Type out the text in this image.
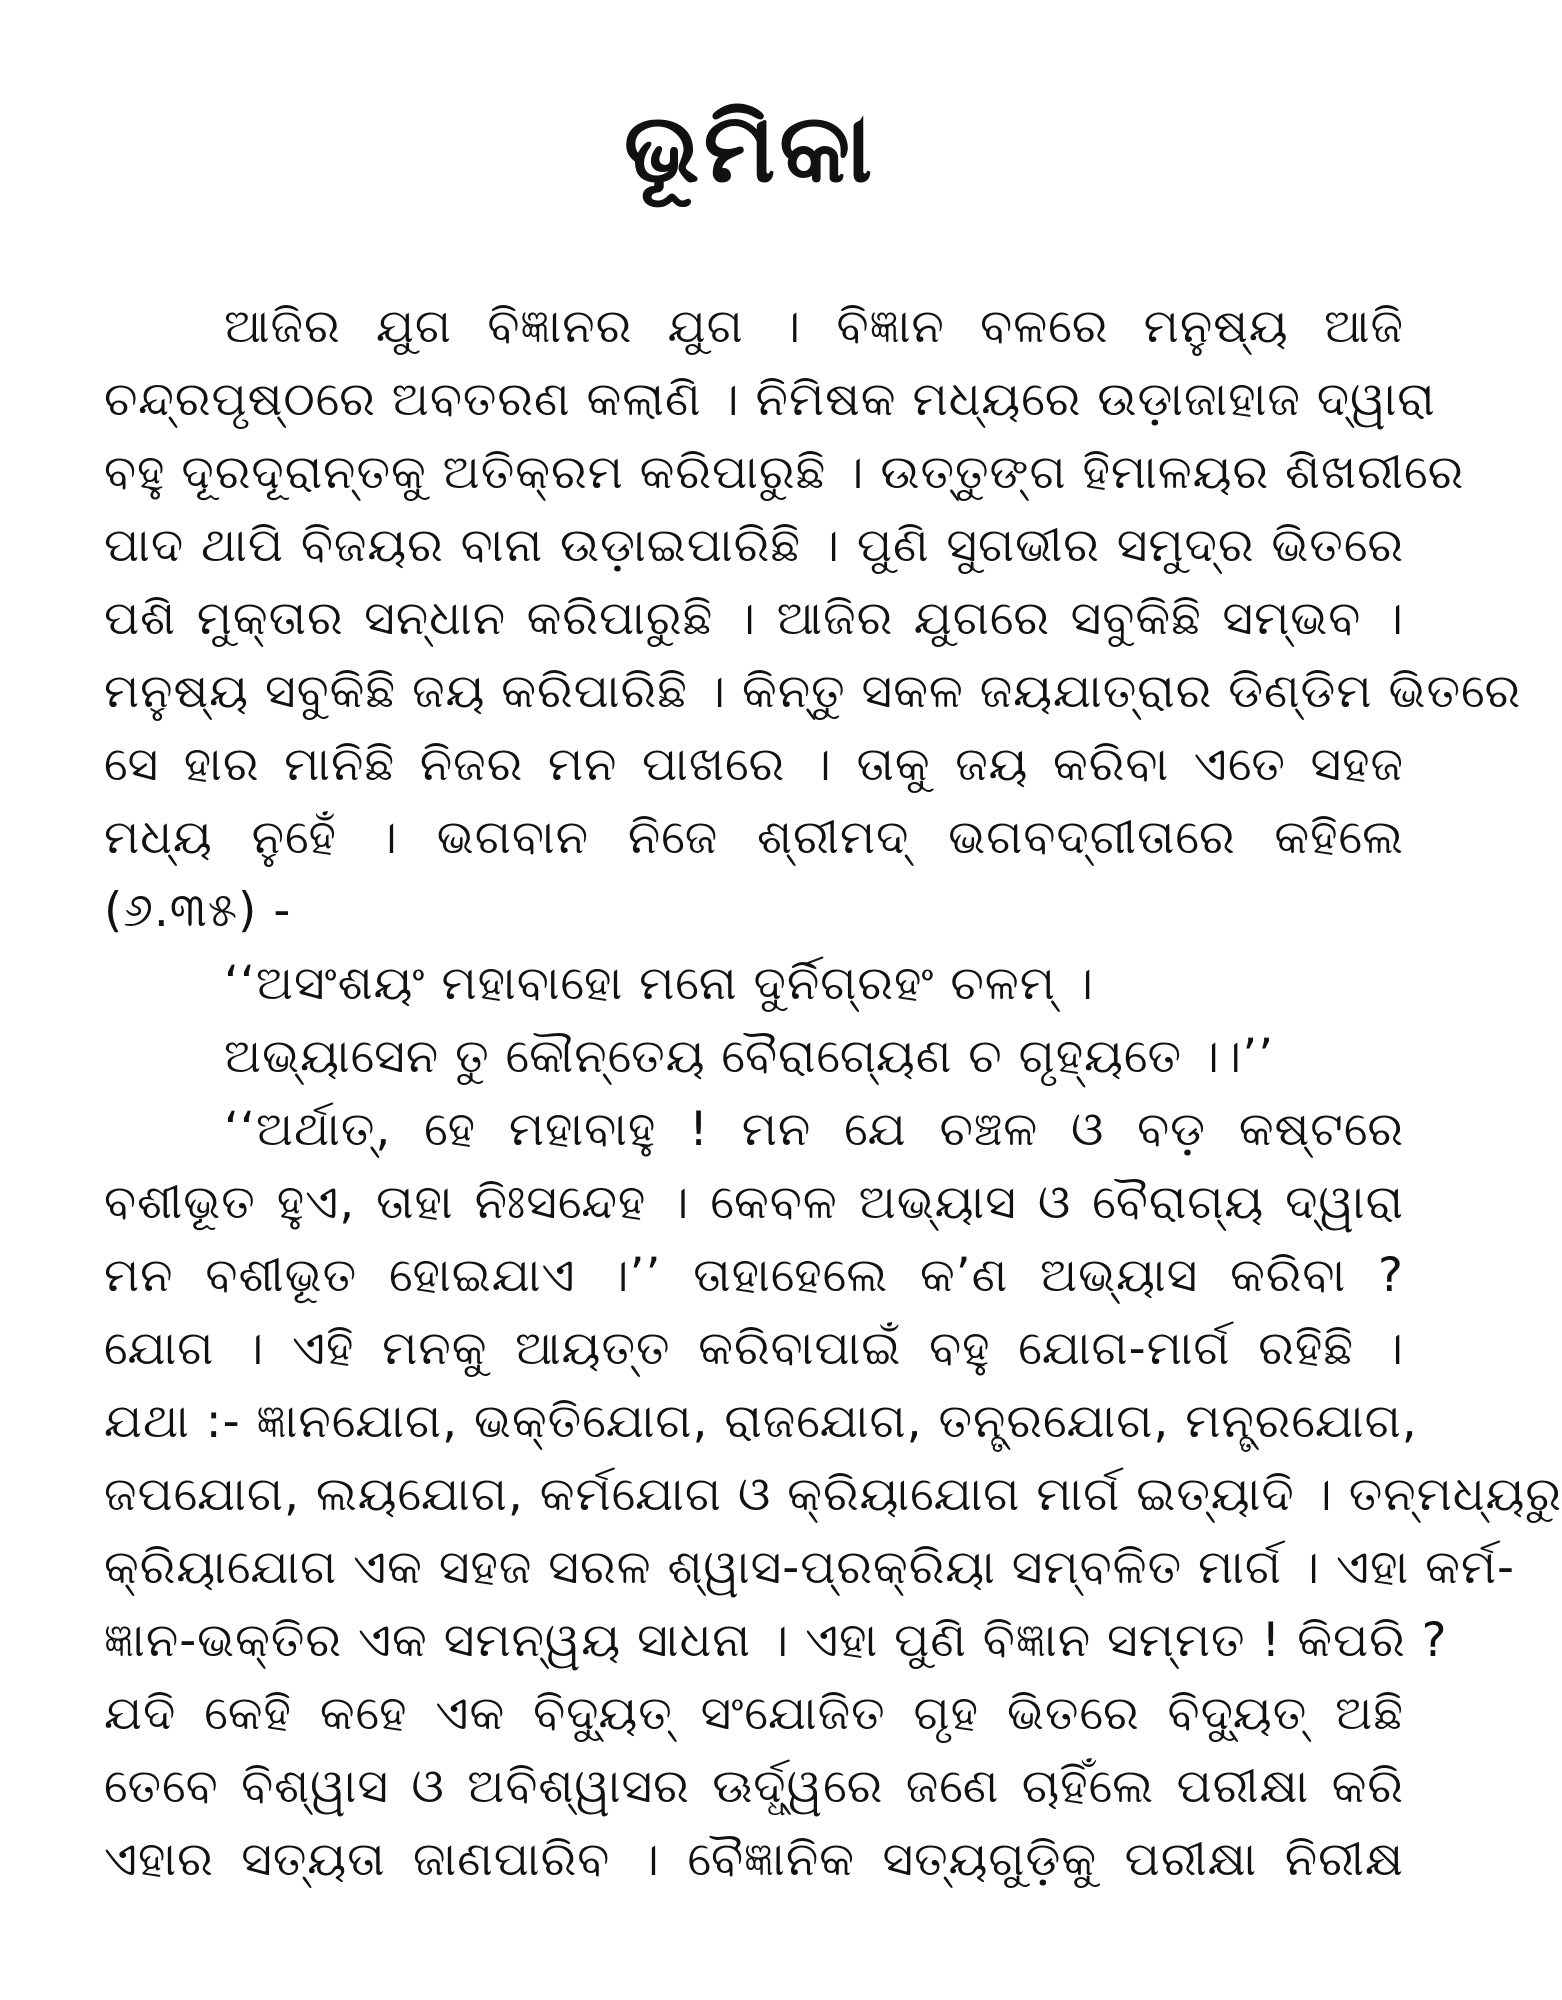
ଭୂମିକା
ଆଜିର ଯୁଗ ବିଜ୍ଞାନର ଯୁଗ । ବିଜ୍ଞାନ ବଳରେ ମନୁଷ୍ୟ ଆଜି
ଚନ୍ଦ୍ରପୃଷ୍ଠରେ ଅବତରଣ କଲାଣି । ନିମିଷକ ମଧ୍ୟରେ ଉଡ଼ାଜାହାଜ ଦ୍ୱାରା
ବହୁ ଦୂରଦୂରାନ୍ତକୁ ଅତିକ୍ରମ କରିପାରୁଛି । ଉତ୍ତୁଙ୍ଗ ହିମାଳୟର ଶିଖରୀରେ
ପାଦ ଥାପି ବିଜୟର ବାନା ଉଡ଼ାଇପାରିଛି । ପୁଣି ସୁଗଭୀର ସମୁଦ୍ର ଭିତରେ
ପଶି ମୁକ୍ତାର ସନ୍ଧାନ କରିପାରୁଛି । ଆଜିର ଯୁଗରେ ସବୁକିଛି ସମ୍ଭବ ।
ମନୁଷ୍ୟ ସବୁକିଛି ଜୟ କରିପାରିଛି । କିନ୍ତୁ ସକଳ ଜୟଯାତ୍ରାର ଡିଣ୍ଡିମ ଭିତରେ
ସେ ହାର ମାନିଛି ନିଜର ମନ ପାଖରେ । ତାକୁ ଜୟ କରିବା ଏତେ ସହଜ
ମଧ୍ୟ ନୁହେଁ । ଭଗବାନ ନିଜେ ଶ୍ରୀମଦ୍ ଭଗବଦ୍‌ଗୀତାରେ କହିଲେ
(୬.୩୫) -
‘‘ଅସଂଶୟଂ ମହାବାହୋ ମନୋ ଦୁର୍ନିଗ୍ରହଂ ଚଳମ୍ ।
ଅଭ୍ୟାସେନ ତୁ କୌନ୍ତେୟ ବୈରାଗ୍ୟେଣ ଚ ଗୃହ୍ୟତେ ।।’’
‘‘ଅର୍ଥାତ୍, ହେ ମହାବାହୁ ! ମନ ଯେ ଚଞ୍ଚଳ ଓ ବଡ଼ କଷ୍ଟରେ
ବଶୀଭୂତ ହୁଏ, ତାହା ନିଃସନ୍ଦେହ । କେବଳ ଅଭ୍ୟାସ ଓ ବୈରାଗ୍ୟ ଦ୍ୱାରା
ମନ ବଶୀଭୂତ ହୋଇଯାଏ ।’’ ତାହାହେଲେ କ’ଣ ଅଭ୍ୟାସ କରିବା ?
ଯୋଗ । ଏହି ମନକୁ ଆୟତ୍ତ କରିବାପାଇଁ ବହୁ ଯୋଗ-ମାର୍ଗ ରହିଛି ।
ଯଥା :- ଜ୍ଞାନଯୋଗ, ଭକ୍ତିଯୋଗ, ରାଜଯୋଗ, ତନ୍ତ୍ରଯୋଗ, ମନ୍ତ୍ରଯୋଗ,
ଜପଯୋଗ, ଲୟଯୋଗ, କର୍ମଯୋଗ ଓ କ୍ରିୟାଯୋଗ ମାର୍ଗ ଇତ୍ୟାଦି । ତନ୍ମଧ୍ୟରୁ
କ୍ରିୟାଯୋଗ ଏକ ସହଜ ସରଳ ଶ୍ୱାସ-ପ୍ରକ୍ରିୟା ସମ୍ବଳିତ ମାର୍ଗ । ଏହା କର୍ମ-
ଜ୍ଞାନ-ଭକ୍ତିର ଏକ ସମନ୍ୱୟ ସାଧନା । ଏହା ପୁଣି ବିଜ୍ଞାନ ସମ୍ମତ ! କିପରି ?
ଯଦି କେହି କହେ ଏକ ବିଦ୍ୟୁତ୍ ସଂଯୋଜିତ ଗୃହ ଭିତରେ ବିଦ୍ୟୁତ୍ ଅଛି
ତେବେ ବିଶ୍ୱାସ ଓ ଅବିଶ୍ୱାସର ଊର୍ଦ୍ଧ୍ୱରେ ଜଣେ ଚାହିଁଲେ ପରୀକ୍ଷା କରି
ଏହାର ସତ୍ୟତା ଜାଣପାରିବ । ବୈଜ୍ଞାନିକ ସତ୍ୟଗୁଡ଼ିକୁ ପରୀକ୍ଷା ନିରୀକ୍ଷ
